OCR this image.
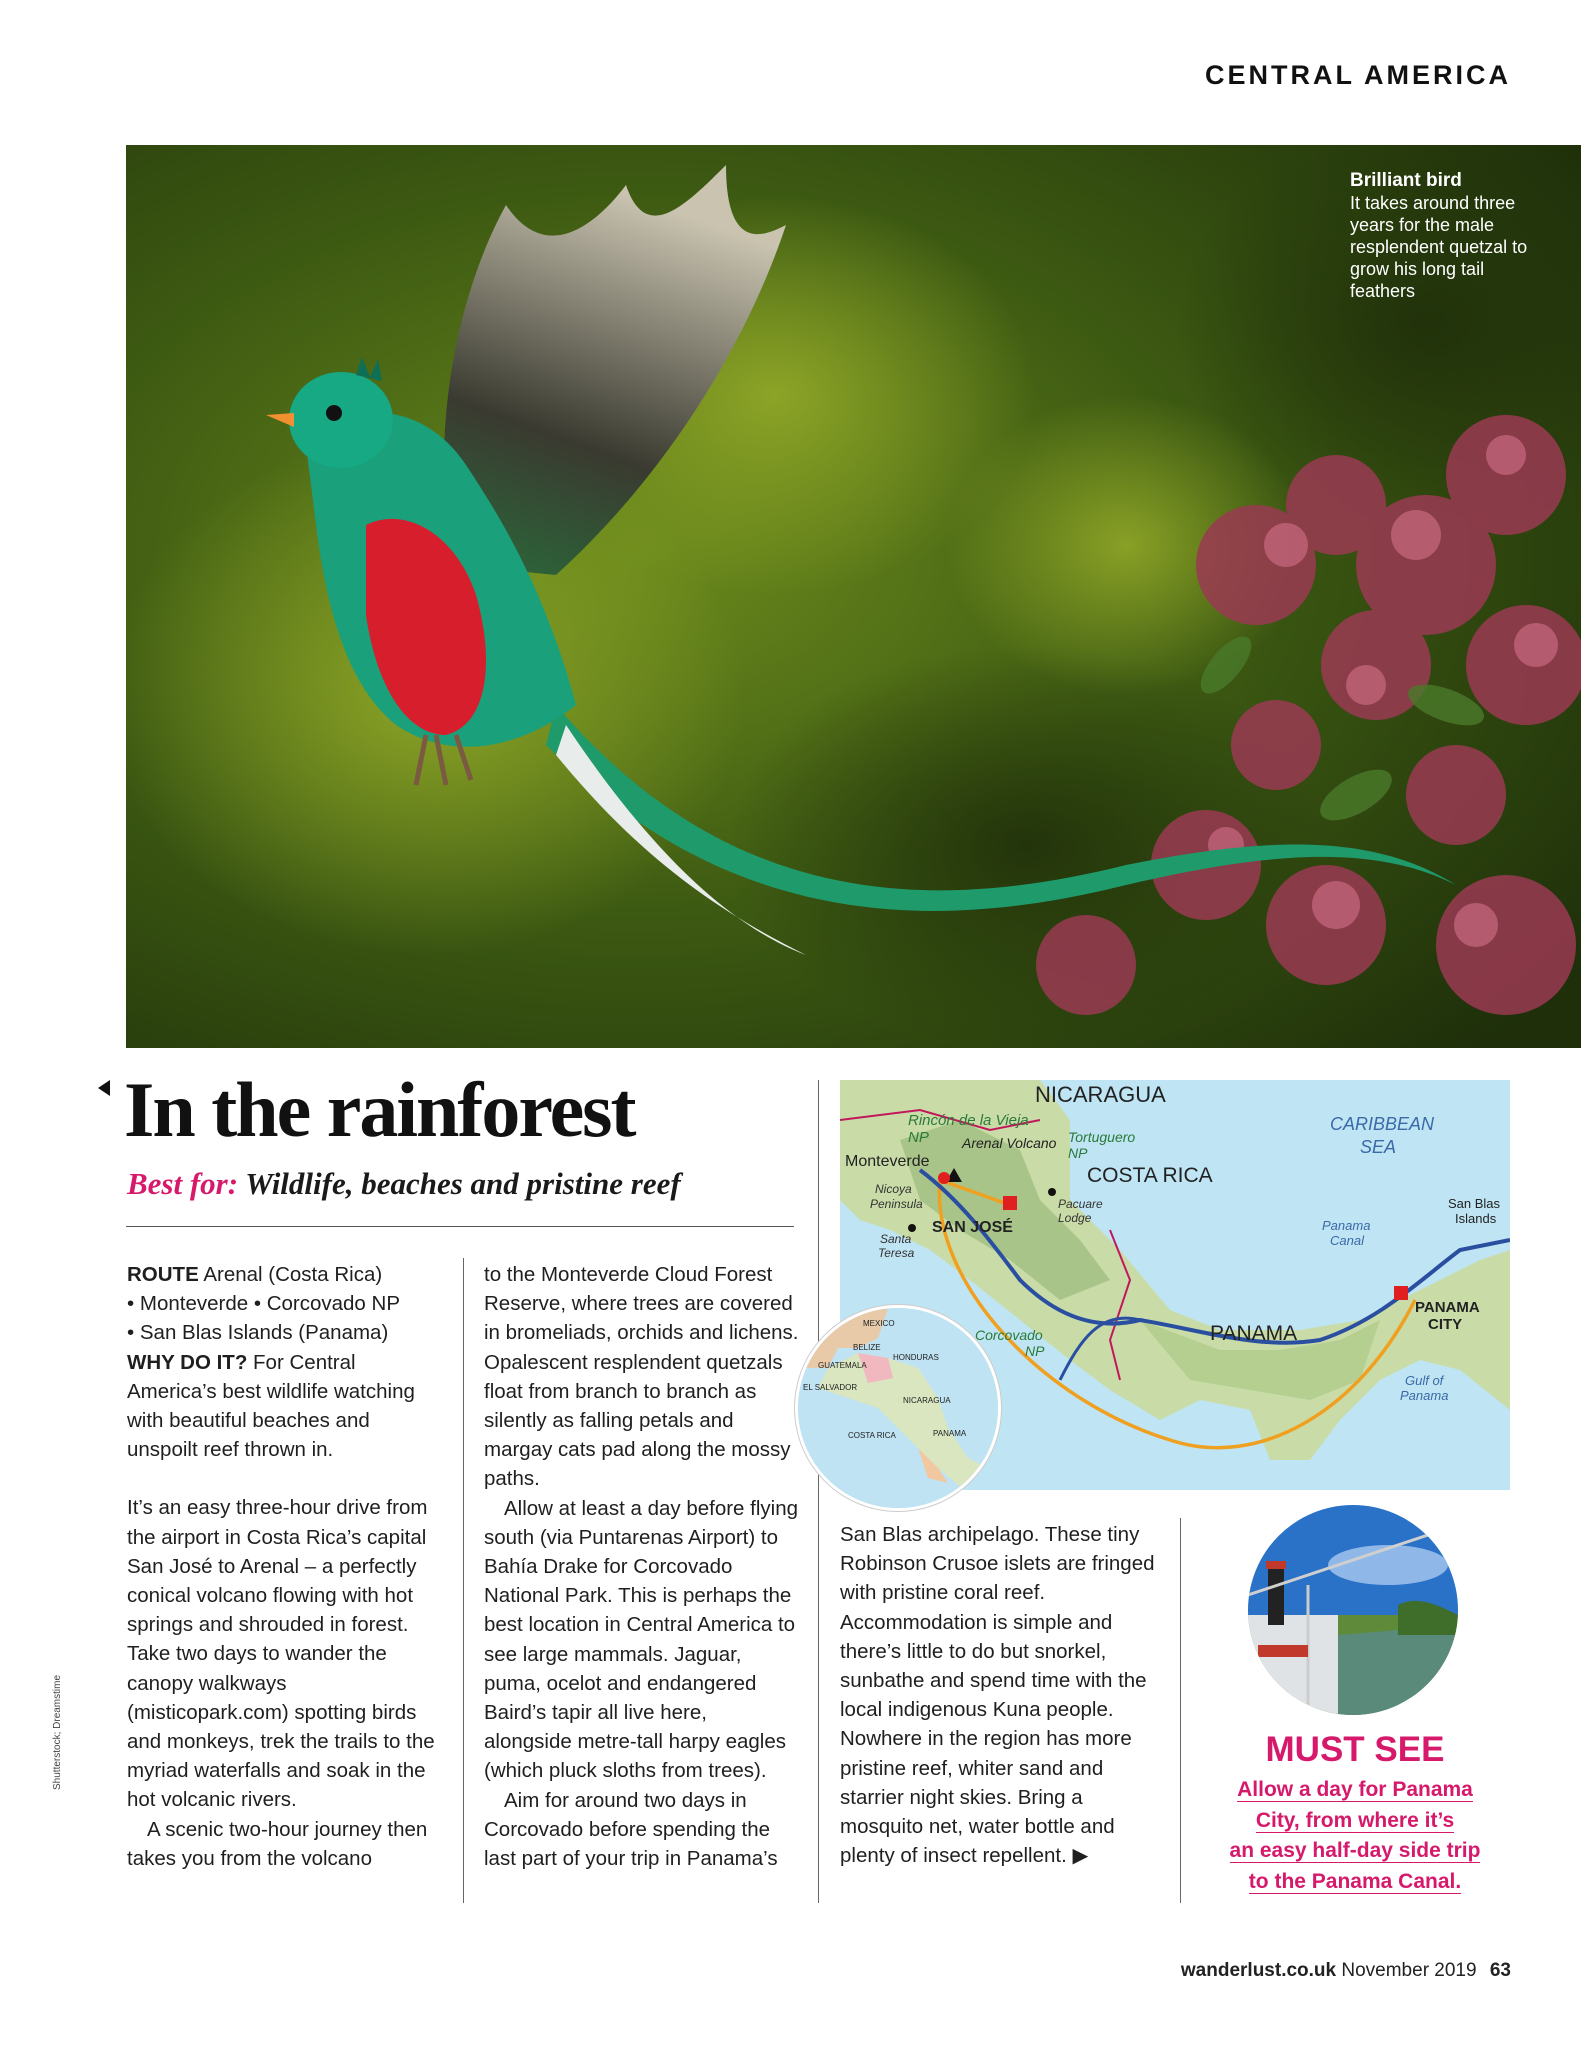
CENTRAL AMERICA
Brilliant bird
It takes around three years for the male resplendent quetzal to grow his long tail feathers
In the rainforest
Best for: Wildlife, beaches and pristine reef

ROUTE Arenal (Costa Rica)

• Monteverde • Corcovado NP

• San Blas Islands (Panama)

WHY DO IT? For Central America’s best wildlife watching with beautiful beaches and unspoilt reef thrown in.

It’s an easy three-hour drive from the airport in Costa Rica’s capital San José to Arenal – a perfectly conical volcano flowing with hot springs and shrouded in forest. Take two days to wander the canopy walkways (misticopark.com) spotting birds and monkeys, trek the trails to the myriad waterfalls and soak in the hot volcanic rivers.

A scenic two-hour journey then takes you from the volcano

to the Monteverde Cloud Forest Reserve, where trees are covered in bromeliads, orchids and lichens. Opalescent resplendent quetzals float from branch to branch as silently as falling petals and margay cats pad along the mossy paths.

Allow at least a day before flying south (via Puntarenas Airport) to Bahía Drake for Corcovado National Park. This is perhaps the best location in Central America to see large mammals. Jaguar, puma, ocelot and endangered Baird’s tapir all live here, alongside metre-tall harpy eagles (which pluck sloths from trees).

Aim for around two days in Corcovado before spending the last part of your trip in Panama’s

San Blas archipelago. These tiny Robinson Crusoe islets are fringed with pristine coral reef. Accommodation is simple and there’s little to do but snorkel, sunbathe and spend time with the local indigenous Kuna people. Nowhere in the region has more pristine reef, whiter sand and starrier night skies. Bring a mosquito net, water bottle and plenty of insect repellent. ▶

NICARAGUA
COSTA RICA
PANAMA
CARIBBEAN
SEA
Rincón de la Vieja
NP Arenal Volcano Tortuguero
NP
Monteverde
Nicoya
Peninsula
SAN JOSÉ
Pacuare
Lodge
Santa
Teresa
Corcovado
NP
Panama
Canal
San Blas
Islands
PANAMA
CITY
Gulf of
Panama
MEXICO
BELIZE
GUATEMALA
HONDURAS
EL SALVADOR
NICARAGUA
COSTA RICA	PANAMA
MUST SEE
Allow a day for Panama
City, from where it’s
an easy half-day side trip
to the Panama Canal.
Shutterstock; Dreamstime
wanderlust.co.uk November 2019 63
